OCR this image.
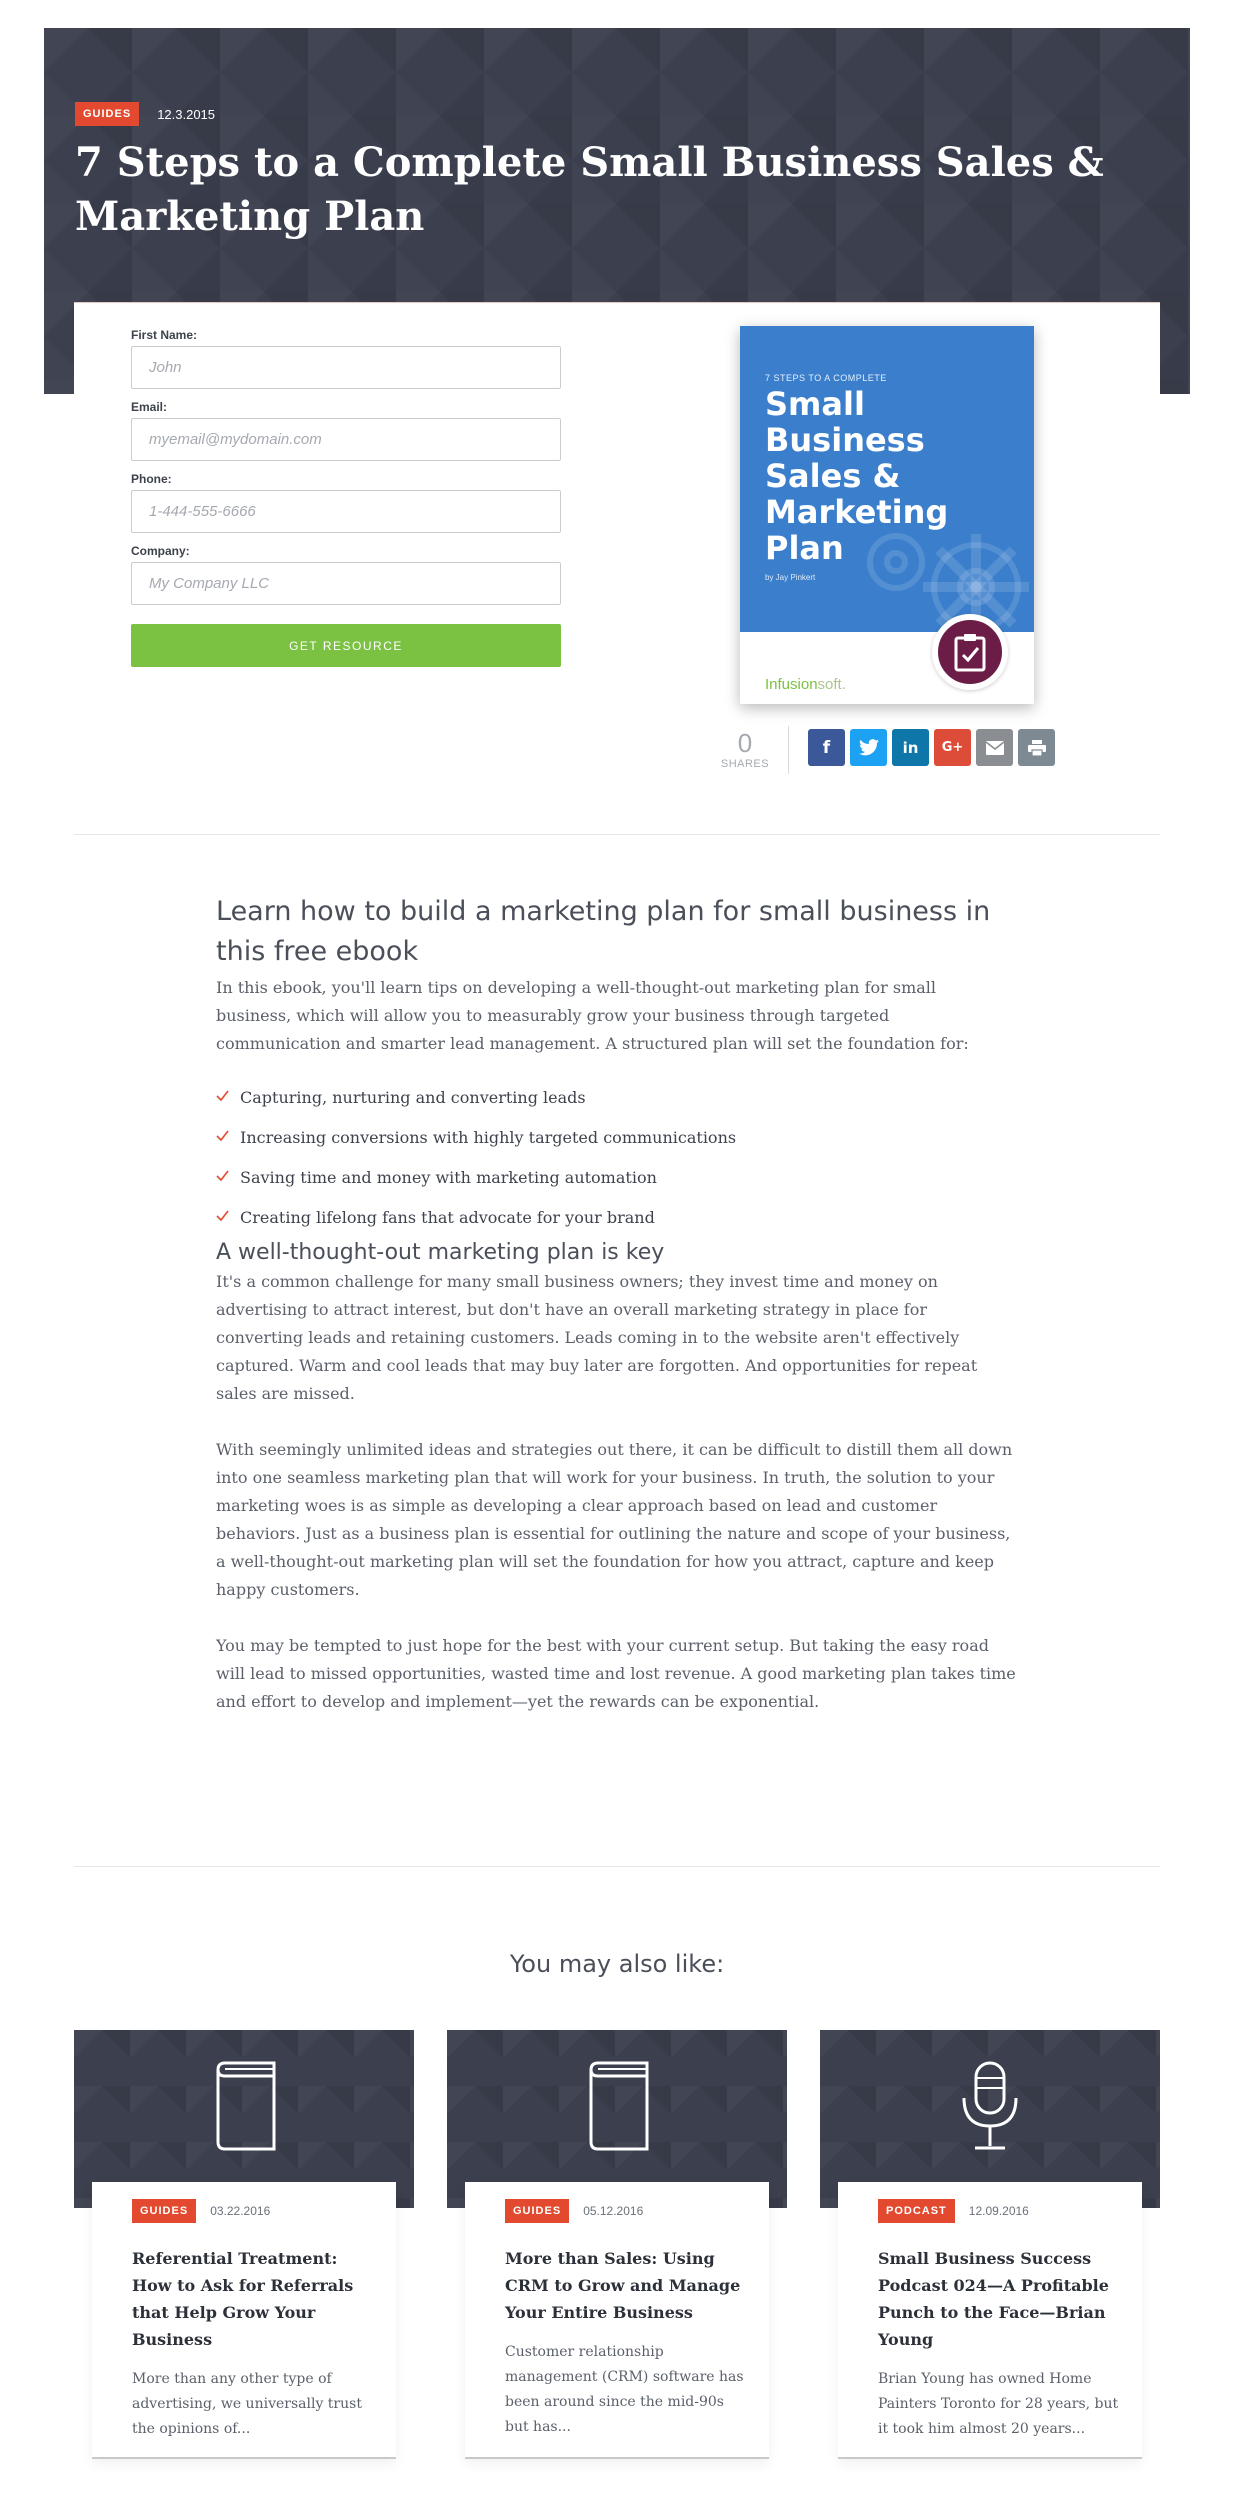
GUIDES	12.3.2015
7 Steps to a Complete Small Business Sales & Marketing Plan
First Name:
John
Email:
myemail@mydomain.com
Phone:
1-444-555-6666
Company:
My Company LLC
GET RESOURCE
7 STEPS TO A COMPLETE
Small Business Sales & Marketing Plan
by Jay Pinkert
Infusionsoft.
0
SHARES
f	in G+
Learn how to build a marketing plan for small business in this free ebook

In this ebook, you'll learn tips on developing a well-thought-out marketing plan for small business, which will allow you to measurably grow your business through targeted communication and smarter lead management. A structured plan will set the foundation for:

Capturing, nurturing and converting leads
Increasing conversions with highly targeted communications
Saving time and money with marketing automation
Creating lifelong fans that advocate for your brand
A well-thought-out marketing plan is key

It's a common challenge for many small business owners; they invest time and money on advertising to attract interest, but don't have an overall marketing strategy in place for converting leads and retaining customers. Leads coming in to the website aren't effectively captured. Warm and cool leads that may buy later are forgotten. And opportunities for repeat sales are missed.

With seemingly unlimited ideas and strategies out there, it can be difficult to distill them all down into one seamless marketing plan that will work for your business. In truth, the solution to your marketing woes is as simple as developing a clear approach based on lead and customer behaviors. Just as a business plan is essential for outlining the nature and scope of your business, a well-thought-out marketing plan will set the foundation for how you attract, capture and keep happy customers.

You may be tempted to just hope for the best with your current setup. But taking the easy road will lead to missed opportunities, wasted time and lost revenue. A good marketing plan takes time and effort to develop and implement—yet the rewards can be exponential.

You may also like:
GUIDES	03.22.2016
Referential Treatment: How to Ask for Referrals that Help Grow Your Business
More than any other type of advertising, we universally trust the opinions of...
GUIDES	05.12.2016
More than Sales: Using CRM to Grow and Manage Your Entire Business
Customer relationship management (CRM) software has been around since the mid-90s but has...
PODCAST	12.09.2016
Small Business Success Podcast 024—A Profitable Punch to the Face—Brian Young
Brian Young has owned Home Painters Toronto for 28 years, but it took him almost 20 years...
